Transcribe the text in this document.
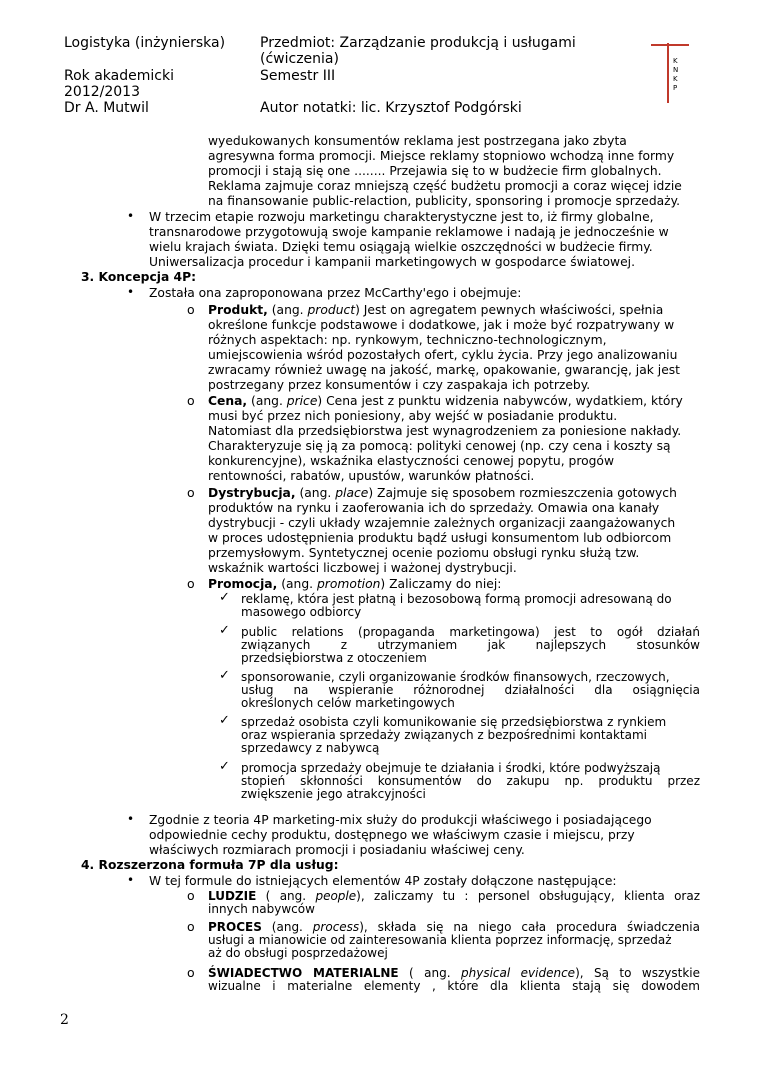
Logistyka (inżynierska) Przedmiot: Zarządzanie produkcją i usługami
(ćwiczenia)
Rok akademicki
2012/2013
Semestr III
Dr A. Mutwil	Autor notatki: lic. Krzysztof Podgórski
K
N
K
P
wyedukowanych konsumentów reklama jest postrzegana jako zbyta
agresywna forma promocji. Miejsce reklamy stopniowo wchodzą inne formy
promocji i stają się one ........ Przejawia się to w budżecie firm globalnych.
Reklama zajmuje coraz mniejszą część budżetu promocji a coraz więcej idzie
na finansowanie public-relaction, publicity, sponsoring i promocje sprzedaży.
• W trzecim etapie rozwoju marketingu charakterystyczne jest to, iż firmy globalne,
transnarodowe przygotowują swoje kampanie reklamowe i nadają je jednocześnie w
wielu krajach świata. Dzięki temu osiągają wielkie oszczędności w budżecie firmy.
Uniwersalizacja procedur i kampanii marketingowych w gospodarce światowej.
3. Koncepcja 4P:
• Została ona zaproponowana przez McCarthy'ego i obejmuje:
o Produkt, (ang. product) Jest on agregatem pewnych właściwości, spełnia
określone funkcje podstawowe i dodatkowe, jak i może być rozpatrywany w
różnych aspektach: np. rynkowym, techniczno-technologicznym,
umiejscowienia wśród pozostałych ofert, cyklu życia. Przy jego analizowaniu
zwracamy również uwagę na jakość, markę, opakowanie, gwarancję, jak jest
postrzegany przez konsumentów i czy zaspakaja ich potrzeby.
o Cena, (ang. price) Cena jest z punktu widzenia nabywców, wydatkiem, który
musi być przez nich poniesiony, aby wejść w posiadanie produktu.
Natomiast dla przedsiębiorstwa jest wynagrodzeniem za poniesione nakłady.
Charakteryzuje się ją za pomocą: polityki cenowej (np. czy cena i koszty są
konkurencyjne), wskaźnika elastyczności cenowej popytu, progów
rentowności, rabatów, upustów, warunków płatności.
o Dystrybucja, (ang. place) Zajmuje się sposobem rozmieszczenia gotowych
produktów na rynku i zaoferowania ich do sprzedaży. Omawia ona kanały
dystrybucji - czyli układy wzajemnie zależnych organizacji zaangażowanych
w proces udostępnienia produktu bądź usługi konsumentom lub odbiorcom
przemysłowym. Syntetycznej ocenie poziomu obsługi rynku służą tzw.
wskaźnik wartości liczbowej i ważonej dystrybucji.
o Promocja, (ang. promotion) Zaliczamy do niej:
✓ reklamę, która jest płatną i bezosobową formą promocji adresowaną do
masowego odbiorcy
✓ public relations (propaganda marketingowa) jest to ogół działań
związanych z utrzymaniem jak najlepszych stosunków
przedsiębiorstwa z otoczeniem
✓ sponsorowanie, czyli organizowanie środków finansowych, rzeczowych,
usług na wspieranie różnorodnej działalności dla osiągnięcia
określonych celów marketingowych
✓ sprzedaż osobista czyli komunikowanie się przedsiębiorstwa z rynkiem
oraz wspierania sprzedaży związanych z bezpośrednimi kontaktami
sprzedawcy z nabywcą
✓ promocja sprzedaży obejmuje te działania i środki, które podwyższają
stopień skłonności konsumentów do zakupu np. produktu przez
zwiększenie jego atrakcyjności
• Zgodnie z teoria 4P marketing-mix służy do produkcji właściwego i posiadającego
odpowiednie cechy produktu, dostępnego we właściwym czasie i miejscu, przy
właściwych rozmiarach promocji i posiadaniu właściwej ceny.
4. Rozszerzona formuła 7P dla usług:
• W tej formule do istniejących elementów 4P zostały dołączone następujące:
o LUDZIE ( ang. people), zaliczamy tu : personel obsługujący, klienta oraz
innych nabywców
o PROCES (ang. process), składa się na niego cała procedura świadczenia
usługi a mianowicie od zainteresowania klienta poprzez informację, sprzedaż
aż do obsługi posprzedażowej
o ŚWIADECTWO MATERIALNE ( ang. physical evidence), Są to wszystkie
wizualne i materialne elementy , które dla klienta stają się dowodem
2
